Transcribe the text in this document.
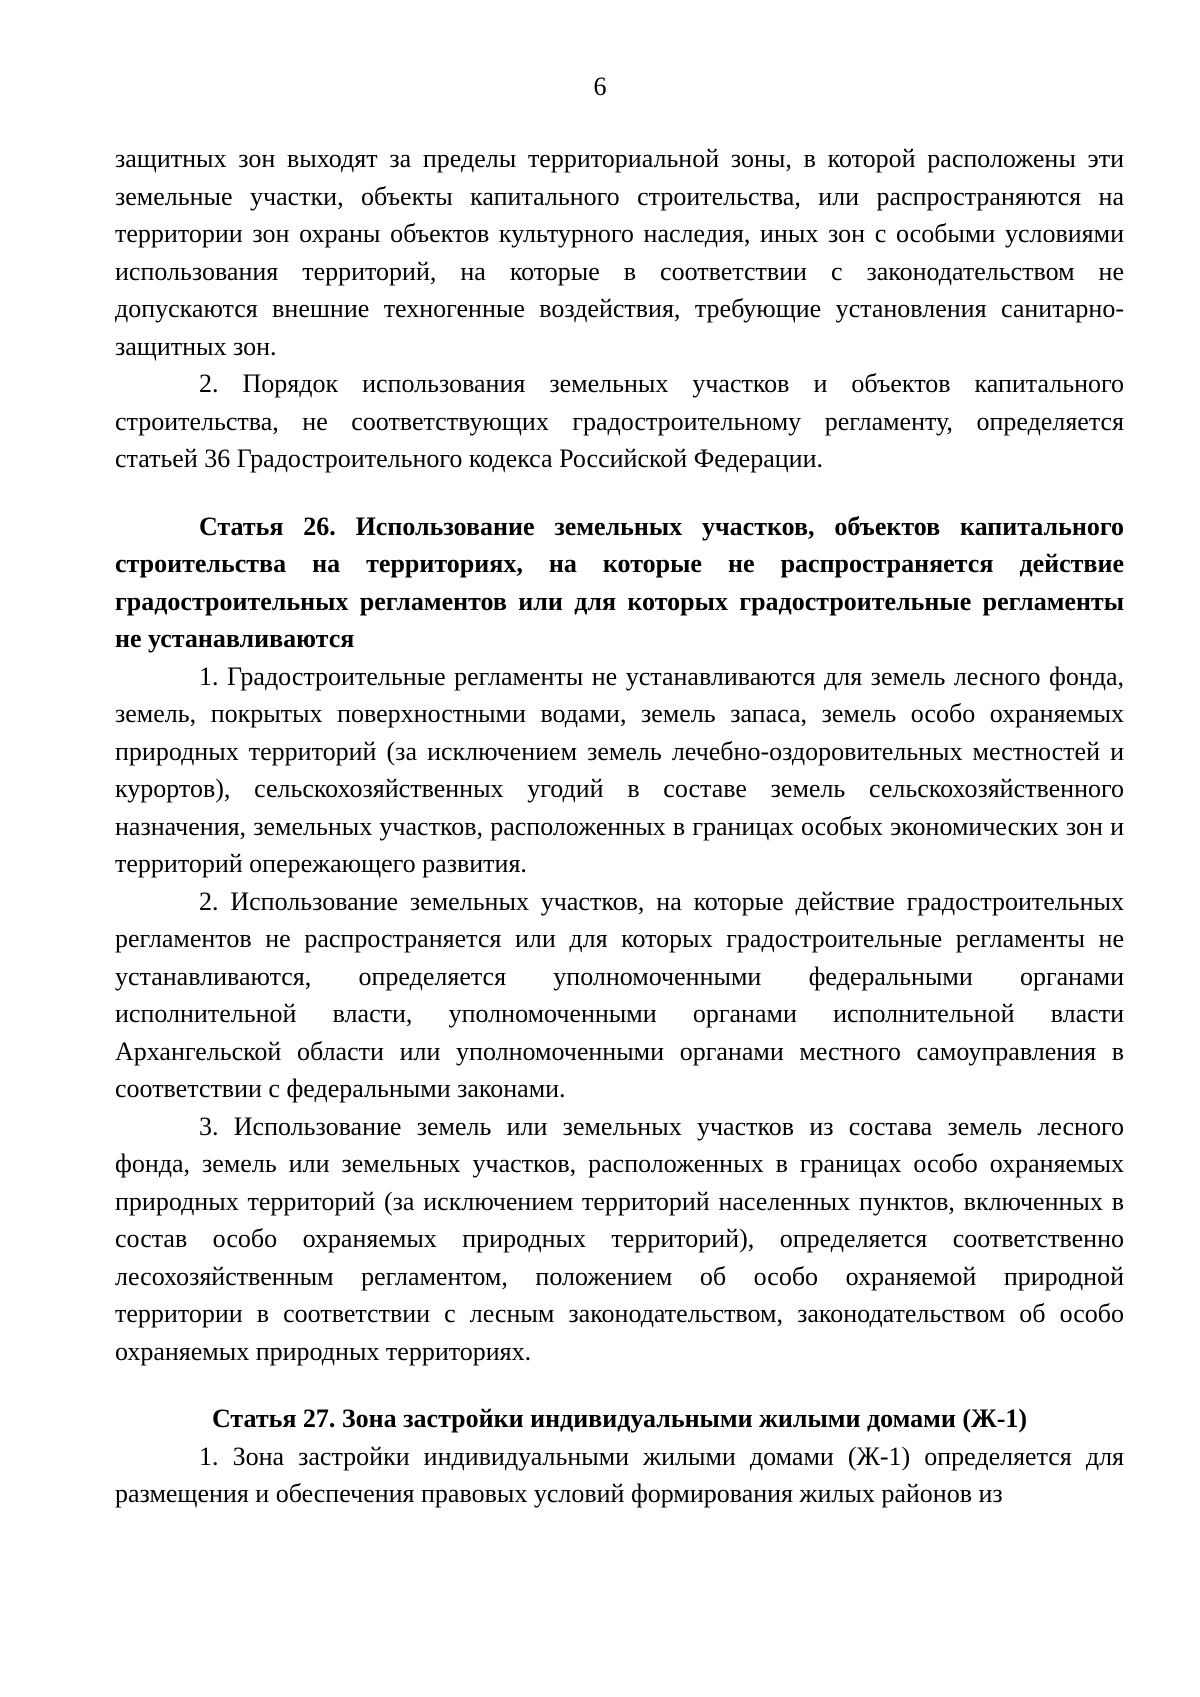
6

защитных зон выходят за пределы территориальной зоны, в которой расположены эти земельные участки, объекты капитального строительства, или распространяются на территории зон охраны объектов культурного наследия, иных зон с особыми условиями использования территорий, на которые в соответствии с законодательством не допускаются внешние техногенные воздействия, требующие установления санитарно-защитных зон.

2. Порядок использования земельных участков и объектов капитального строительства, не соответствующих градостроительному регламенту, определяется статьей 36 Градостроительного кодекса Российской Федерации.

Статья 26. Использование земельных участков, объектов капитального строительства на территориях, на которые не распространяется действие градостроительных регламентов или для которых градостроительные регламенты не устанавливаются

1. Градостроительные регламенты не устанавливаются для земель лесного фонда, земель, покрытых поверхностными водами, земель запаса, земель особо охраняемых природных территорий (за исключением земель лечебно-оздоровительных местностей и курортов), сельскохозяйственных угодий в составе земель сельскохозяйственного назначения, земельных участков, расположенных в границах особых экономических зон и территорий опережающего развития.

2. Использование земельных участков, на которые действие градостроительных регламентов не распространяется или для которых градостроительные регламенты не устанавливаются, определяется уполномоченными федеральными органами исполнительной власти, уполномоченными органами исполнительной власти Архангельской области или уполномоченными органами местного самоуправления в соответствии с федеральными законами.

3. Использование земель или земельных участков из состава земель лесного фонда, земель или земельных участков, расположенных в границах особо охраняемых природных территорий (за исключением территорий населенных пунктов, включенных в состав особо охраняемых природных территорий), определяется соответственно лесохозяйственным регламентом, положением об особо охраняемой природной территории в соответствии с лесным законодательством, законодательством об особо охраняемых природных территориях.

Статья 27. Зона застройки индивидуальными жилыми домами (Ж-1)

1. Зона застройки индивидуальными жилыми домами (Ж-1) определяется для размещения и обеспечения правовых условий формирования жилых районов из
